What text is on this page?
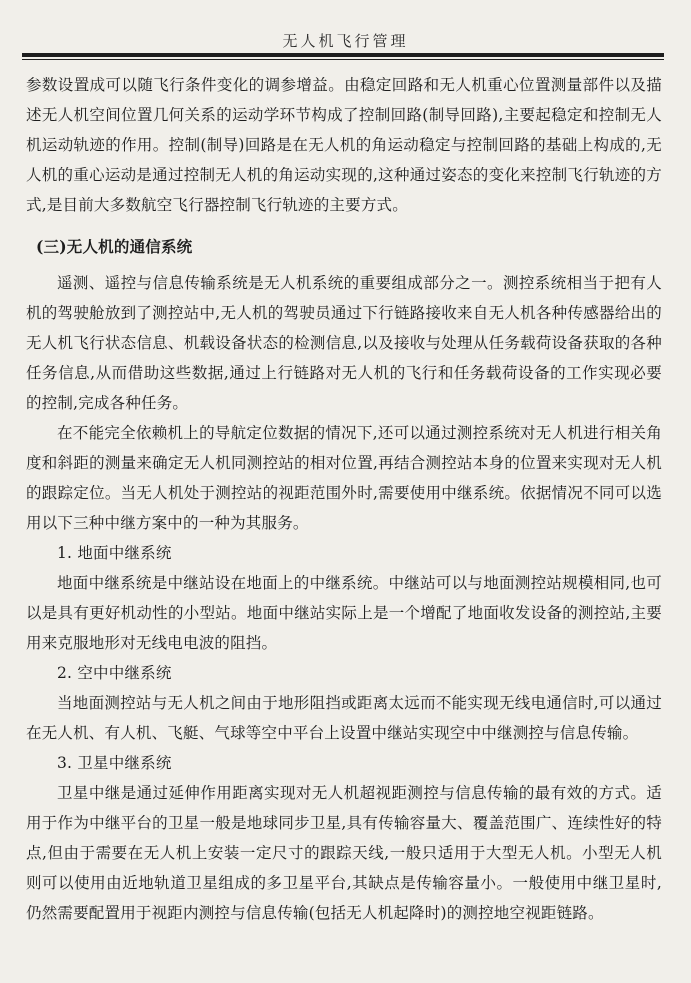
无人机飞行管理

参数设置成可以随飞行条件变化的调参增益。由稳定回路和无人机重心位置测量部件以及描述无人机空间位置几何关系的运动学环节构成了控制回路(制导回路),主要起稳定和控制无人机运动轨迹的作用。控制(制导)回路是在无人机的角运动稳定与控制回路的基础上构成的,无人机的重心运动是通过控制无人机的角运动实现的,这种通过姿态的变化来控制飞行轨迹的方式,是目前大多数航空飞行器控制飞行轨迹的主要方式。

(三)无人机的通信系统

遥测、遥控与信息传输系统是无人机系统的重要组成部分之一。测控系统相当于把有人机的驾驶舱放到了测控站中,无人机的驾驶员通过下行链路接收来自无人机各种传感器给出的无人机飞行状态信息、机载设备状态的检测信息,以及接收与处理从任务载荷设备获取的各种任务信息,从而借助这些数据,通过上行链路对无人机的飞行和任务载荷设备的工作实现必要的控制,完成各种任务。

在不能完全依赖机上的导航定位数据的情况下,还可以通过测控系统对无人机进行相关角度和斜距的测量来确定无人机同测控站的相对位置,再结合测控站本身的位置来实现对无人机的跟踪定位。当无人机处于测控站的视距范围外时,需要使用中继系统。依据情况不同可以选用以下三种中继方案中的一种为其服务。

1. 地面中继系统

地面中继系统是中继站设在地面上的中继系统。中继站可以与地面测控站规模相同,也可以是具有更好机动性的小型站。地面中继站实际上是一个增配了地面收发设备的测控站,主要用来克服地形对无线电电波的阻挡。

2. 空中中继系统

当地面测控站与无人机之间由于地形阻挡或距离太远而不能实现无线电通信时,可以通过在无人机、有人机、飞艇、气球等空中平台上设置中继站实现空中中继测控与信息传输。

3. 卫星中继系统

卫星中继是通过延伸作用距离实现对无人机超视距测控与信息传输的最有效的方式。适用于作为中继平台的卫星一般是地球同步卫星,具有传输容量大、覆盖范围广、连续性好的特点,但由于需要在无人机上安装一定尺寸的跟踪天线,一般只适用于大型无人机。小型无人机则可以使用由近地轨道卫星组成的多卫星平台,其缺点是传输容量小。一般使用中继卫星时,仍然需要配置用于视距内测控与信息传输(包括无人机起降时)的测控地空视距链路。
